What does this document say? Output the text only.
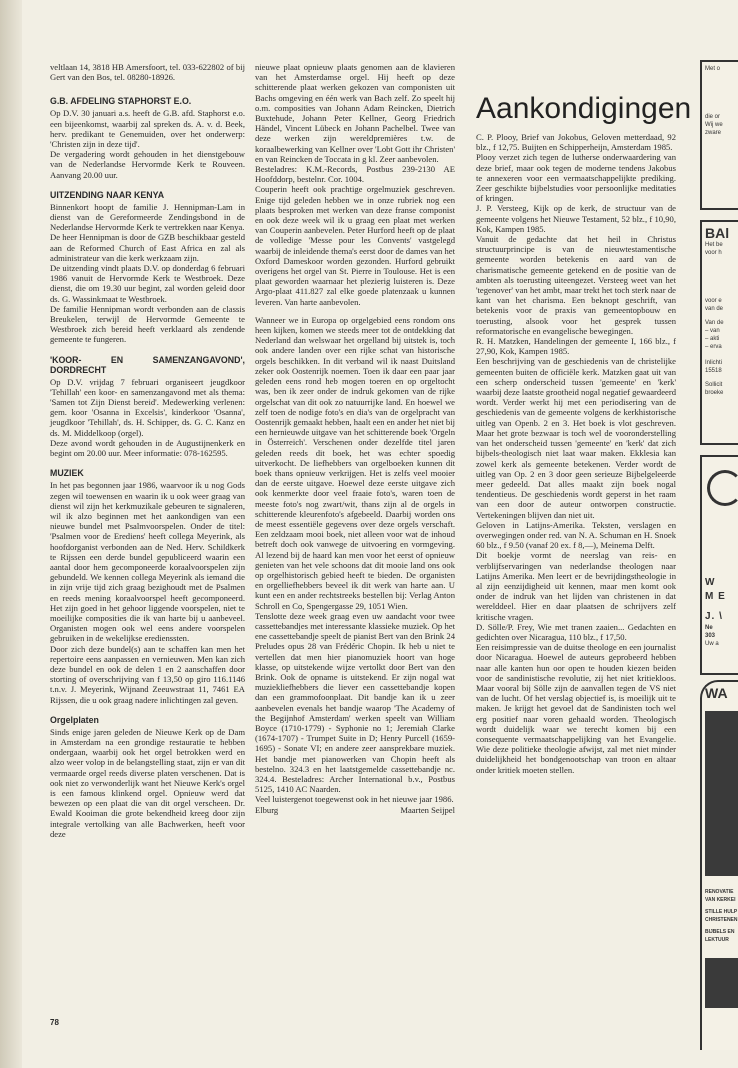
veltlaan 14, 3818 HB Amersfoort, tel. 033-622802 of bij Gert van den Bos, tel. 08280-18926.

G.B. AFDELING STAPHORST E.O.

Op D.V. 30 januari a.s. heeft de G.B. afd. Staphorst e.o. een bijeenkomst, waarbij zal spreken ds. A. v. d. Beek, herv. predikant te Genemuiden, over het onderwerp: 'Christen zijn in deze tijd'.

De vergadering wordt gehouden in het dienstgebouw van de Nederlandse Hervormde Kerk te Rouveen. Aanvang 20.00 uur.

UITZENDING NAAR KENYA

Binnenkort hoopt de familie J. Hennipman-Lam in dienst van de Gereformeerde Zendingsbond in de Nederlandse Hervormde Kerk te vertrekken naar Kenya.

De heer Hennipman is door de GZB beschikbaar gesteld aan de Reformed Church of East Africa en zal als administrateur van die kerk werkzaam zijn.

De uitzending vindt plaats D.V. op donderdag 6 februari 1986 vanuit de Hervormde Kerk te Westbroek. Deze dienst, die om 19.30 uur begint, zal worden geleid door ds. G. Wassinkmaat te Westbroek.

De familie Hennipman wordt verbonden aan de classis Breukelen, terwijl de Hervormde Gemeente te Westbroek zich bereid heeft verklaard als zendende gemeente te fungeren.

'KOOR- EN SAMENZANGAVOND', DORDRECHT

Op D.V. vrijdag 7 februari organiseert jeugdkoor 'Tehillah' een koor- en samenzangavond met als thema: 'Samen tot Zijn Dienst bereid'. Medewerking verlenen: gem. koor 'Osanna in Excelsis', kinderkoor 'Osanna', jeugdkoor 'Tehillah', ds. H. Schipper, ds. G. C. Kanz en ds. M. Middelkoop (orgel).

Deze avond wordt gehouden in de Augustijnenkerk en begint om 20.00 uur. Meer informatie: 078-162595.

MUZIEK

In het pas begonnen jaar 1986, waarvoor ik u nog Gods zegen wil toewensen en waarin ik u ook weer graag van dienst wil zijn het kerkmuzikale gebeuren te signaleren, wil ik alzo beginnen met het aankondigen van een nieuwe bundel met Psalmvoorspelen. Onder de titel: 'Psalmen voor de Erediens' heeft collega Meyerink, als hoofdorganist verbonden aan de Ned. Herv. Schildkerk te Rijssen een derde bundel gepubliceerd waarin een aantal door hem gecomponeerde koraalvoorspelen zijn gebundeld. We kennen collega Meyerink als iemand die in zijn vrije tijd zich graag bezighoudt met de Psalmen en reeds mening koraalvoorspel heeft gecomponeerd. Het zijn goed in het gehoor liggende voorspelen, niet te moeilijke composities die ik van harte bij u aanbeveel. Organisten mogen ook wel eens andere voorspelen gebruiken in de wekelijkse eredienssten.

Door zich deze bundel(s) aan te schaffen kan men het repertoire eens aanpassen en vernieuwen. Men kan zich deze bundel en ook de delen 1 en 2 aanschaffen door storting of overschrijving van f 13,50 op giro 116.1146 t.n.v. J. Meyerink, Wijnand Zeeuwstraat 11, 7461 EA Rijssen, die u ook graag nadere inlichtingen zal geven.

Orgelplaten

Sinds enige jaren geleden de Nieuwe Kerk op de Dam in Amsterdam na een grondige restauratie te hebben ondergaan, waarbij ook het orgel betrokken werd en alzo weer volop in de belangstelling staat, zijn er van dit vermaarde orgel reeds diverse platen verschenen. Dat is ook niet zo verwonderlijk want het Nieuwe Kerk's orgel is een famous klinkend orgel. Opnieuw werd dat bewezen op een plaat die van dit orgel verscheen. Dr. Ewald Kooiman die grote bekendheid kreeg door zijn integrale vertolking van alle Bachwerken, heeft voor deze

nieuwe plaat opnieuw plaats genomen aan de klavieren van het Amsterdamse orgel. Hij heeft op deze schitterende plaat werken gekozen van componisten uit Bachs omgeving en één werk van Bach zelf. Zo speelt hij o.m. composities van Johann Adam Reincken, Dietrich Buxtehude, Johann Peter Kellner, Georg Friedrich Händel, Vincent Lübeck en Johann Pachelbel. Twee van deze werken zijn wereldpremières t.w. de koraalbewerking van Kellner over 'Lobt Gott ihr Christen' en van Reincken de Toccata in g kl. Zeer aanbevolen.

Besteladres: K.M.-Records, Postbus 239-2130 AE Hoofddorp, bestelnr. Cor. 1004.

Couperin heeft ook prachtige orgelmuziek geschreven. Enige tijd geleden hebben we in onze rubriek nog een plaats besproken met werken van deze franse componist en ook deze week wil ik u graag een plaat met werken van Couperin aanbevelen. Peter Hurford heeft op de plaat de volledige 'Messe pour les Convents' vastgelegd waarbij de inleidende thema's eerst door de dames van het Oxford Dameskoor worden gezonden. Hurford gebruikt overigens het orgel van St. Pierre in Toulouse. Het is een plaat geworden waarnaar het plezierig luisteren is. Deze Argo-plaat 411.827 zal elke goede platenzaak u kunnen leveren. Van harte aanbevolen.

Wanneer we in Europa op orgelgebied eens rondom ons heen kijken, komen we steeds meer tot de ontdekking dat Nederland dan welswaar het orgelland bij uitstek is, toch ook andere landen over een rijke schat van historische orgels beschikken. In dit verband wil ik naast Duitsland zeker ook Oostenrijk noemen. Toen ik daar een paar jaar geleden eens rond heb mogen toeren en op orgeltocht was, ben ik zeer onder de indruk gekomen van de rijke orgelschat van dit ook zo natuurrijke land. En hoewel we zelf toen de nodige foto's en dia's van de orgelpracht van Oostenrijk gemaakt hebben, haalt een en ander het niet bij een hernieuwde uitgave van het schitterende boek 'Orgeln in Österreich'. Verschenen onder dezelfde titel jaren geleden reeds dit boek, het was echter spoedig uitverkocht. De liefhebbers van orgelboeken kunnen dit boek thans opnieuw verkrijgen. Het is zelfs veel mooier dan de eerste uitgave. Hoewel deze eerste uitgave zich ook kenmerkte door veel fraaie foto's, waren toen de meeste foto's nog zwart/wit, thans zijn al de orgels in schitterende kleurenfoto's afgebeeld. Daarbij worden ons de meest essentiële gegevens over deze orgels verschaft. Een zeldzaam mooi boek, niet alleen voor wat de inhoud betreft doch ook vanwege de uitvoering en vormgeving. Al lezend bij de haard kan men voor het eerst of opnieuw genieten van het vele schoons dat dit mooie land ons ook op orgelhistorisch gebied heeft te bieden. De organisten en orgelliefhebbers beveel ik dit werk van harte aan. U kunt een en ander rechtstreeks bestellen bij: Verlag Anton Schroll en Co, Spengergasse 29, 1051 Wien.

Tenslotte deze week graag even uw aandacht voor twee cassettebandjes met interessante klassieke muziek. Op het ene cassettebandje speelt de pianist Bert van den Brink 24 Preludes opus 28 van Frédéric Chopin. Ik heb u niet te vertellen dat men hier pianomuziek hoort van hoge klasse, op uitstekende wijze vertolkt door Bert van den Brink. Ook de opname is uitstekend. Er zijn nogal wat muziekliefhebbers die liever een cassettebandje kopen dan een grammofoonplaat. Dit bandje kan ik u zeer aanbevelen evenals het bandje waarop 'The Academy of the Begijnhof Amsterdam' werken speelt van William Boyce (1710-1779) - Syphonie no 1; Jeremiah Clarke (1674-1707) - Trumpet Suite in D; Henry Purcell (1659-1695) - Sonate VI; en andere zeer aansprekbare muziek. Het bandje met pianowerken van Chopin heeft als bestelno. 324.3 en het laatstgemelde cassettebandje nc. 324.4. Besteladres: Archer International b.v., Postbus 5125, 1410 AC Naarden.

Veel luistergenot toegewenst ook in het nieuwe jaar 1986.

Elburg	Maarten Seijpel
Aankondigingen

C. P. Plooy, Brief van Jokobus, Geloven metterdaad, 92 blz., f 12,75. Buijten en Schipperheijn, Amsterdam 1985.

Plooy verzet zich tegen de lutherse onderwaardering van deze brief, maar ook tegen de moderne tendens Jakobus te annexeren voor een vermaatschappelijkte prediking. Zeer geschikte bijbelstudies voor persoonlijke meditaties of kringen.

J. P. Versteeg, Kijk op de kerk, de structuur van de gemeente volgens het Nieuwe Testament, 52 blz., f 10,90, Kok, Kampen 1985.

Vanuit de gedachte dat het heil in Christus structuurprincipe is van de nieuwtestamentische gemeente worden betekenis en aard van de charismatische gemeente getekend en de positie van de ambten als toerusting uiteengezet. Versteeg weet van het 'tegenover' van het ambt, maar trekt het toch sterk naar de kant van het charisma. Een beknopt geschrift, van betekenis voor de praxis van gemeentopbouw en toerusting, alsook voor het gesprek tussen reformatorische en evangelische bewegingen.

R. H. Matzken, Handelingen der gemeente I, 166 blz., f 27,90, Kok, Kampen 1985.

Een beschrijving van de geschiedenis van de christelijke gemeenten buiten de officiële kerk. Matzken gaat uit van een scherp onderscheid tussen 'gemeente' en 'kerk' waarbij deze laatste grootheid nogal negatief gewaardeerd wordt. Verder werkt hij met een periodisering van de geschiedenis van de gemeente volgens de kerkhistorische uitleg van Openb. 2 en 3. Het boek is vlot geschreven. Maar het grote bezwaar is toch wel de vooronderstelling van het onderscheid tussen 'gemeente' en 'kerk' dat zich bijbels-theologisch niet laat waar maken. Ekklesia kan zowel kerk als gemeente betekenen. Verder wordt de uitleg van Op. 2 en 3 door geen serieuze Bijbelgeleerde meer gedeeld. Dat alles maakt zijn boek nogal tendentieus. De geschiedenis wordt geperst in het raam van een door de auteur ontworpen constructie. Vertekeningen blijven dan niet uit.

Geloven in Latijns-Amerika. Teksten, verslagen en overwegingen onder red. van N. A. Schuman en H. Snoek 60 blz., f 9.50 (vanaf 20 ex. f 8,—), Meinema Delft.

Dit boekje vormt de neerslag van reis- en verblijfservaringen van nederlandse theologen naar Latijns Amerika. Men leert er de bevrijdingstheologie in al zijn eenzijdigheid uit kennen, maar men komt ook onder de indruk van het lijden van christenen in dat werelddeel. Hier en daar plaatsen de schrijvers zelf kritische vragen.

D. Sölle/P. Frey, Wie met tranen zaaien... Gedachten en gedichten over Nicaragua, 110 blz., f 17,50.

Een reisimpressie van de duitse theologe en een journalist door Nicaragua. Hoewel de auteurs geprobeerd hebben naar alle kanten hun oor open te houden kiezen beiden voor de sandinistische revolutie, zij het niet kritiekloos. Maar vooral bij Sölle zijn de aanvallen tegen de VS niet van de lucht. Of het verslag objectief is, is moeilijk uit te maken. Je krijgt het gevoel dat de Sandinisten toch wel erg positief naar voren gehaald worden. Theologisch wordt duidelijk waar we terecht komen bij een consequente vermaatschappelijking van het Evangelie. Wie deze politieke theologie afwijst, zal met niet minder duidelijkheid het bondgenootschap van troon en altaar onder kritiek moeten stellen.

78
Met o
die or
Wij we
zware
BAl
Het be
voor h
voor e
van de
Van de
– van
– akti
– erva
Inlichti
15518
Sollicit
broeke
W
M E
J. \
Ne
303
Uw a
WA
RENOVATIE
VAN KERKEI
STILLE HULP
CHRISTENEN
BIJBELS EN
LEKTUUR
